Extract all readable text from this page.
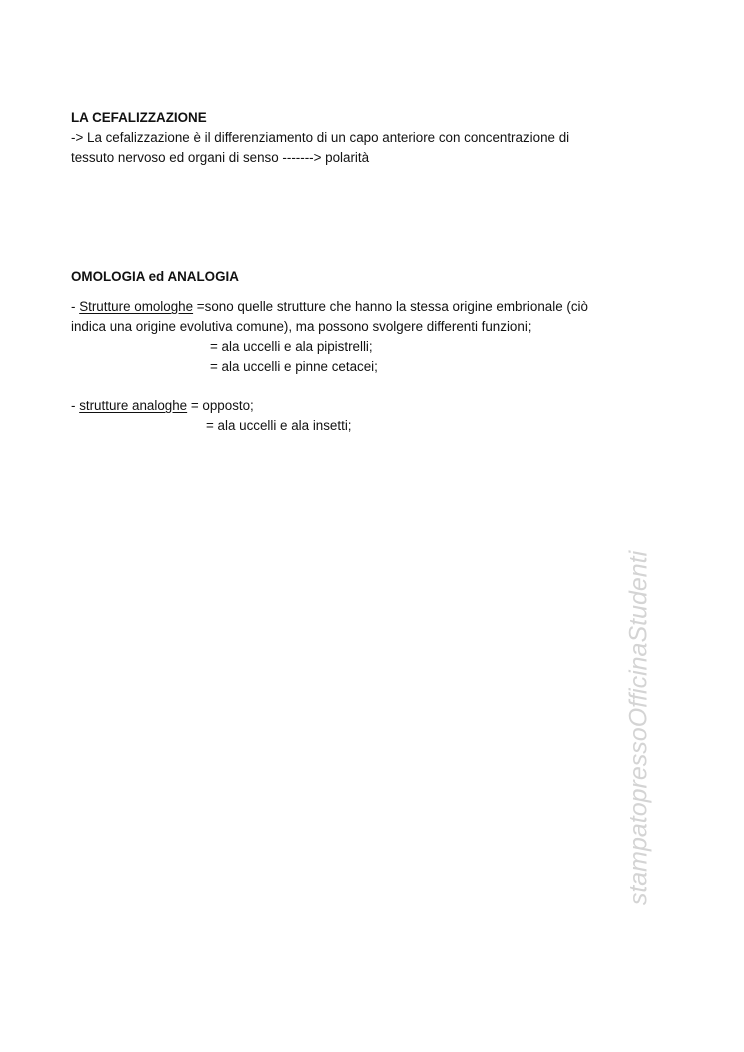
LA CEFALIZZAZIONE
-> La cefalizzazione è il differenziamento di un capo anteriore con concentrazione di
tessuto nervoso ed organi di senso -------> polarità
OMOLOGIA ed ANALOGIA
- Strutture omologhe =sono quelle strutture che hanno la stessa origine embrionale (ciò
indica una origine evolutiva comune), ma possono svolgere differenti funzioni;
= ala uccelli e ala pipistrelli;
= ala uccelli e pinne cetacei;
- strutture analoghe = opposto;
= ala uccelli e ala insetti;
stampatopressoOfficinaStudenti
